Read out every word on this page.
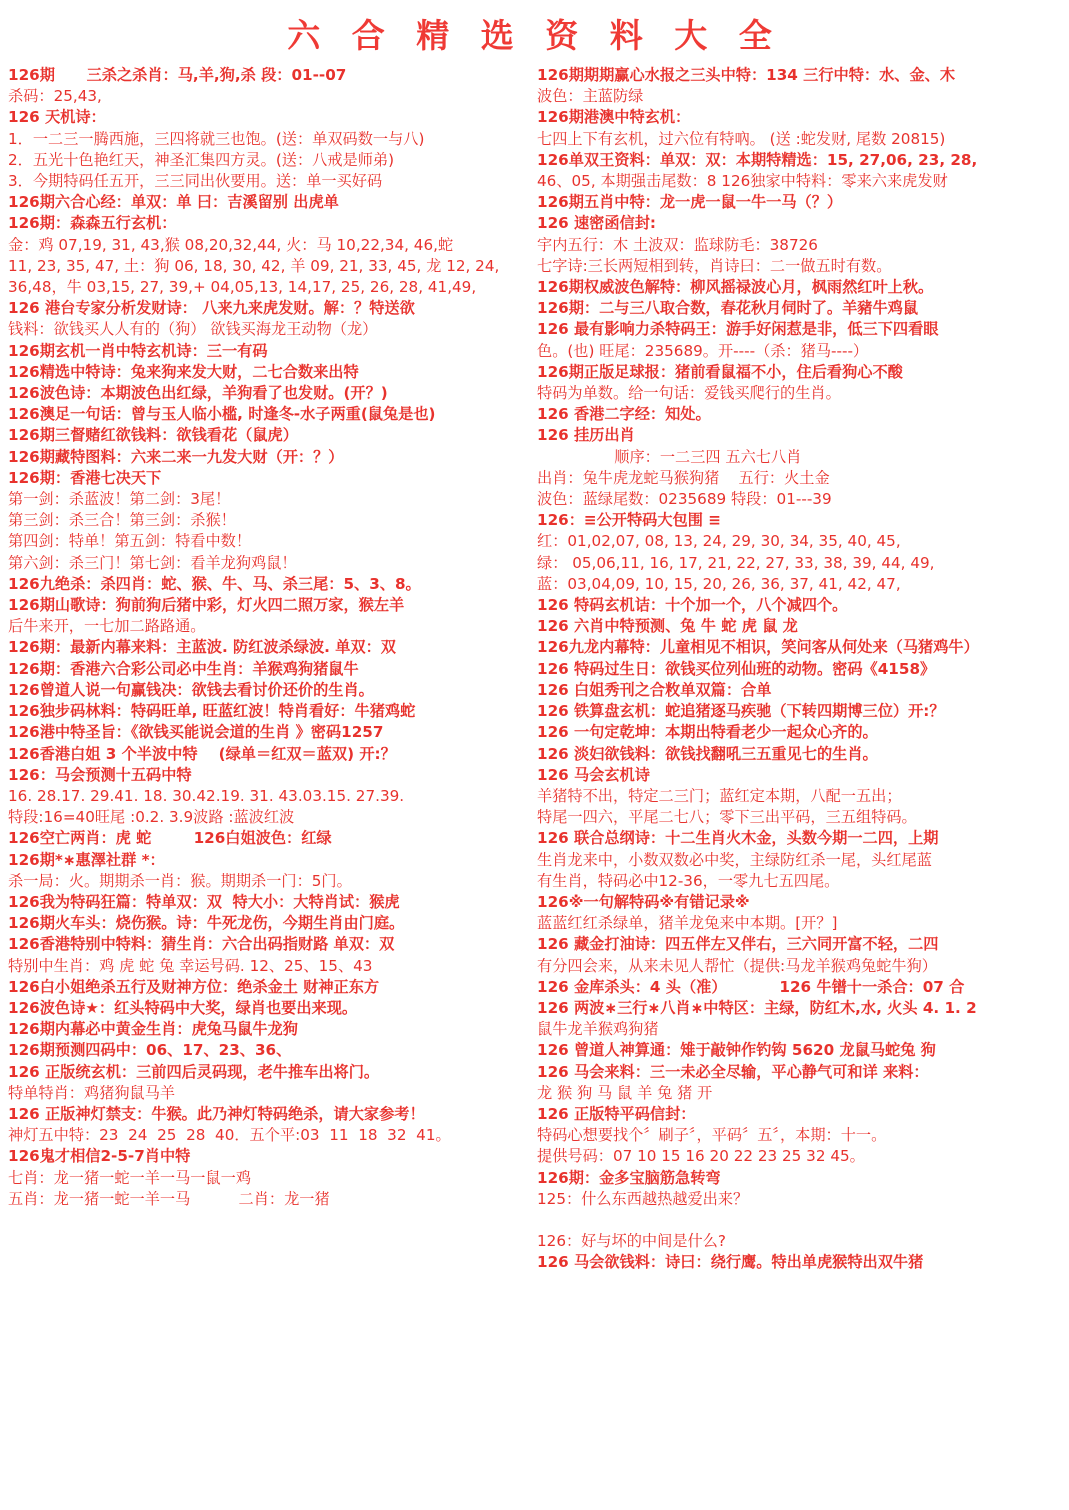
六 合 精 选 资 料 大 全
126期      三杀之杀肖：马,羊,狗,杀 段：01--07
杀码：25,43,
126 天机诗：
1．一二三一腾西施，三四将就三也饱。(送：单双码数一与八)
2．五光十色艳红天，神圣汇集四方灵。(送：八戒是师弟)
3．今期特码任五开，三三同出伙要用。送：单一买好码
126期六合心经：单双：单 曰：吉溪留别 出虎单
126期：森森五行玄机：
金：鸡 07,19, 31, 43,猴 08,20,32,44, 火：马 10,22,34, 46,蛇
11, 23, 35, 47, 土：狗 06, 18, 30, 42, 羊 09, 21, 33, 45, 龙 12, 24,
36,48，牛 03,15, 27, 39,+ 04,05,13, 14,17, 25, 26, 28, 41,49,
126 港台专家分析发财诗： 八来九来虎发财。解：？特送欲
钱料：欲钱买人人有的（狗） 欲钱买海龙王动物（龙）
126期玄机一肖中特玄机诗：三一有码
126精选中特诗：兔来狗来发大财，二七合数来出特
126波色诗：本期波色出红绿，羊狗看了也发财。(开？)
126澳足一句话：曾与玉人临小槛, 时逢冬-水子两重(鼠兔是也)
126期三督赌红欲钱料：欲钱看花（鼠虎）
126期藏特图料：六来二来一九发大财（开：？）
126期：香港七决天下
第一剑：杀蓝波！第二剑：3尾！
第三剑：杀三合！第三剑：杀猴！
第四剑：特单！第五剑：特看中数！
第六剑：杀三门！第七剑：看羊龙狗鸡鼠！
126九绝杀：杀四肖：蛇、猴、牛、马、杀三尾：5、3、8。
126期山歌诗：狗前狗后猪中彩，灯火四二照万家，猴左羊
后牛来开，一七加二路路通。
126期：最新内幕来料：主蓝波. 防红波杀绿波. 单双：双
126期：香港六合彩公司必中生肖：羊猴鸡狗猪鼠牛
126曾道人说一句赢钱决：欲钱去看讨价还价的生肖。
126独步码林料：特码旺单, 旺蓝红波！特肖看好：牛猪鸡蛇
126港中特圣旨：《欲钱买能说会道的生肖 》密码1257
126香港白姐 3 个半波中特    (绿单＝红双＝蓝双) 开:？
126：马会预测十五码中特
16. 28.17. 29.41. 18. 30.42.19. 31. 43.03.15. 27.39.
特段:16=40旺尾 :0.2. 3.9波路 :蓝波红波
126空亡两肖：虎 蛇        126白姐波色：红绿
126期*∗惠澤社群 *：
杀一局：火。期期杀一肖：猴。期期杀一门：5门。
126我为特码狂篇：特单双：双  特大小：大特肖试：猴虎
126期火车头：烧伤猴。诗：牛死龙伤，今期生肖由门庭。
126香港特别中特料：猜生肖：六合出码指财路 单双：双
特别中生肖：鸡 虎 蛇 兔 幸运号码. 12、25、15、43
126白小姐绝杀五行及财神方位：绝杀金土 财神正东方
126波色诗★：红头特码中大奖，绿肖也要出来现。
126期内幕必中黄金生肖：虎兔马鼠牛龙狗
126期预测四码中：06、17、23、36、
126 正版统玄机：三前四后灵码现，老牛推车出将门。
特单特肖：鸡猪狗鼠马羊
126 正版神灯禁支：牛猴。此乃神灯特码绝杀，请大家参考！
神灯五中特：23  24  25  28  40．五个平:03  11  18  32  41。
126鬼才相信2-5-7肖中特
七肖：龙一猪一蛇一羊一马一鼠一鸡
五肖：龙一猪一蛇一羊一马          二肖：龙一猪
126期期期赢心水报之三头中特：134 三行中特：水、金、木
波色：主蓝防绿
126期港澳中特玄机：
七四上下有玄机，过六位有特吶。 (送 :蛇发财, 尾数 20815)
126单双王资料：单双：双：本期特精选：15, 27,06, 23, 28,
46、05, 本期强击尾数：8 126独家中特料：零来六来虎发财
126期五肖中特：龙一虎一鼠一牛一马（？）
126 速密函信封:
宇内五行：木 土波双：监球防毛：38726
七字诗:三长两短相到转，肖诗曰：二一做五时有数。
126期权威波色解特：柳风摇禄波心月，枫雨然红叶上秋。
126期：二与三八取合数，春花秋月伺时了。羊豬牛鸡鼠
126 最有影响力杀特码王：游手好闲惹是非，低三下四看眼
色。(也) 旺尾：235689。开----（杀：猪马----）
126期正版足球报：猪前看鼠福不小，住后看狗心不酸
特码为单数。给一句话：爱钱买爬行的生肖。
126 香港二字经：知处。
126 挂历出肖
顺序：一二三四 五六七八肖
出肖：兔牛虎龙蛇马猴狗猪    五行：火土金
波色：蓝绿尾数：0235689 特段：01---39
126：≡公开特码大包围 ≡
红：01,02,07, 08, 13, 24, 29, 30, 34, 35, 40, 45,
绿： 05,06,11, 16, 17, 21, 22, 27, 33, 38, 39, 44, 49,
蓝：03,04,09, 10, 15, 20, 26, 36, 37, 41, 42, 47,
126 特码玄机诘：十个加一个，八个减四个。
126 六肖中特预测、兔 牛 蛇 虎 鼠 龙
126九龙内幕特：儿童相见不相识，笑问客从何处来（马猪鸡牛）
126 特码过生日：欲钱买位列仙班的动物。密码《4158》
126 白姐秀刊之合敉单双篇：合单
126 铁算盘玄机：蛇追猪逐马疾驰（下转四期博三位）开:？
126 一句定乾坤：本期出特看老少一起众心齐的。
126 淡妇欲钱料：欲钱找翻吼三五重见七的生肖。
126 马会玄机诗
羊猪特不出，特定二三门；蓝红定本期，八配一五出；
特尾一四六，平尾二七八；零下三出平码，三五组特码。
126 联合总纲诗：十二生肖火木金，头数今期一二四，上期
生肖龙来中，小数双数必中奖，主绿防红杀一尾，头红尾蓝
有生肖，特码必中12-36，一零九七五四尾。
126※一句解特码※有错记录※
蓝蓝红红杀绿单，猪羊龙兔来中本期。[开？]
126 藏金打油诗：四五伴左又伴右，三六同开富不轻，二四
有分四会来，从来未见人帮忙（提供:马龙羊猴鸡兔蛇牛狗）
126 金库杀头：4 头（准）          126 牛镨十一杀合：07 合
126 两波∗三行∗八肖∗中特区：主绿，防红木,水, 火头 4. 1. 2
鼠牛龙羊猴鸡狗猪
126 曾道人神算通：雉于敲钟作钓钩 5620 龙鼠马蛇兔 狗
126 马会来料：三一未必全尽输，平心静气可和详 来料：
龙 猴 狗 马 鼠 羊 兔 猪 开
126 正版特平码信封：
特码心想要找个〞刷子〞，平码〞五〞，本期：十一。
提供号码：07 10 15 16 20 22 23 25 32 45。
126期：金多宝脑筋急转弯
125：什么东西越热越爱出来？

126：好与坏的中间是什么?
126 马会欲钱料：诗曰：绕行鹰。特出单虎猴特出双牛猪
